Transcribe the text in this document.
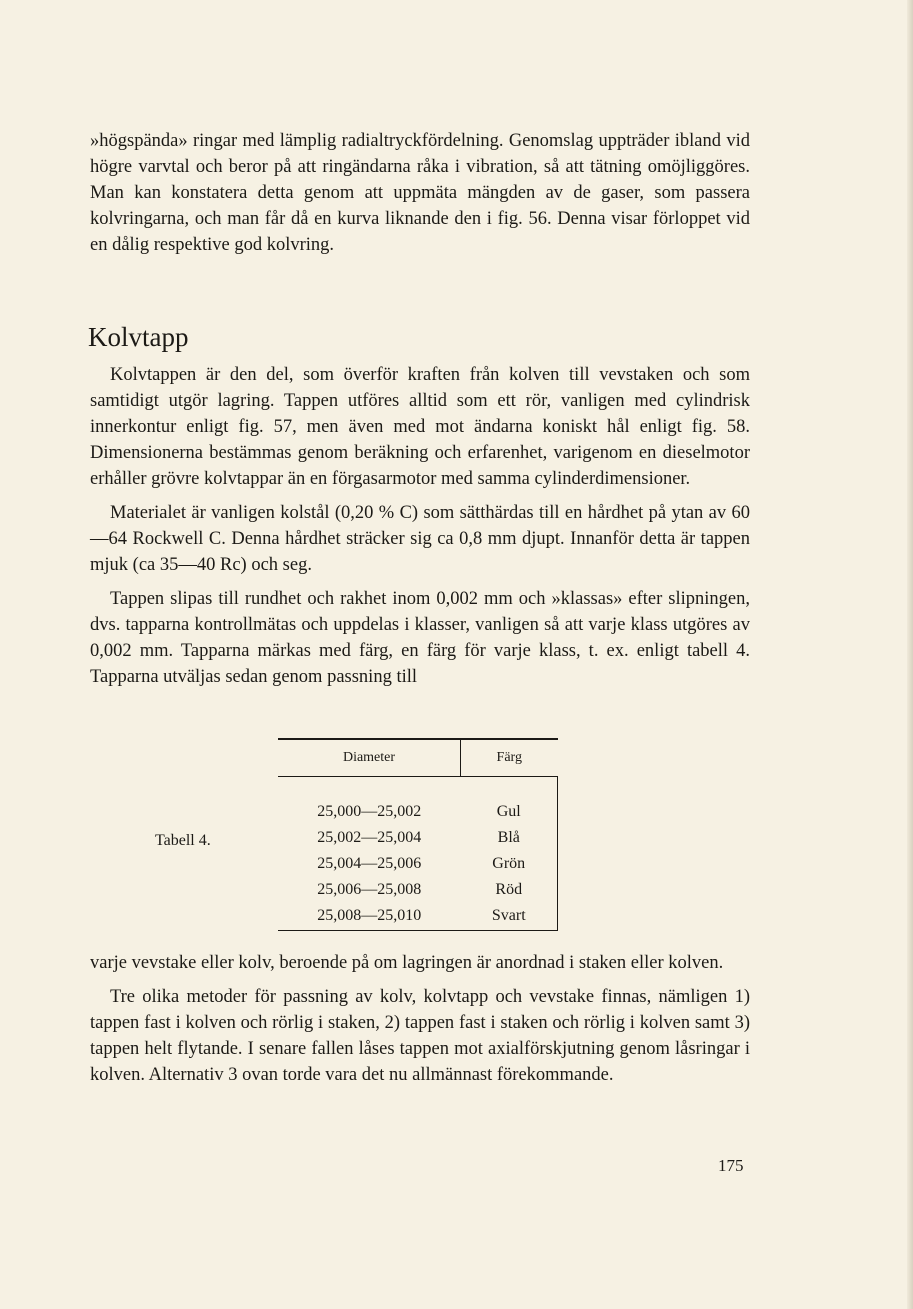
»högspända» ringar med lämplig radialtryckfördelning. Genomslag uppträder ibland vid högre varvtal och beror på att ringändarna råka i vibration, så att tätning omöjliggöres. Man kan konstatera detta genom att uppmäta mängden av de gaser, som passera kolvringarna, och man får då en kurva liknande den i fig. 56. Denna visar förloppet vid en dålig respektive god kolvring.

Kolvtapp

Kolvtappen är den del, som överför kraften från kolven till vevstaken och som samtidigt utgör lagring. Tappen utföres alltid som ett rör, vanligen med cylindrisk innerkontur enligt fig. 57, men även med mot ändarna koniskt hål enligt fig. 58. Dimensionerna bestämmas genom beräkning och erfarenhet, varigenom en dieselmotor erhåller grövre kolvtappar än en förgasarmotor med samma cylinderdimensioner.

Materialet är vanligen kolstål (0,20 % C) som sätthärdas till en hårdhet på ytan av 60—64 Rockwell C. Denna hårdhet sträcker sig ca 0,8 mm djupt. Innanför detta är tappen mjuk (ca 35—40 Rc) och seg.

Tappen slipas till rundhet och rakhet inom 0,002 mm och »klassas» efter slipningen, dvs. tapparna kontrollmätas och uppdelas i klasser, vanligen så att varje klass utgöres av 0,002 mm. Tapparna märkas med färg, en färg för varje klass, t. ex. enligt tabell 4. Tapparna utväljas sedan genom passning till

Tabell 4.
Diameter	Färg

25,000—25,002	Gul
25,002—25,004	Blå
25,004—25,006	Grön
25,006—25,008	Röd
25,008—25,010	Svart

varje vevstake eller kolv, beroende på om lagringen är anordnad i staken eller kolven.

Tre olika metoder för passning av kolv, kolvtapp och vevstake finnas, nämligen 1) tappen fast i kolven och rörlig i staken, 2) tappen fast i staken och rörlig i kolven samt 3) tappen helt flytande. I senare fallen låses tappen mot axialförskjutning genom låsringar i kolven. Alternativ 3 ovan torde vara det nu allmännast förekommande.

175
